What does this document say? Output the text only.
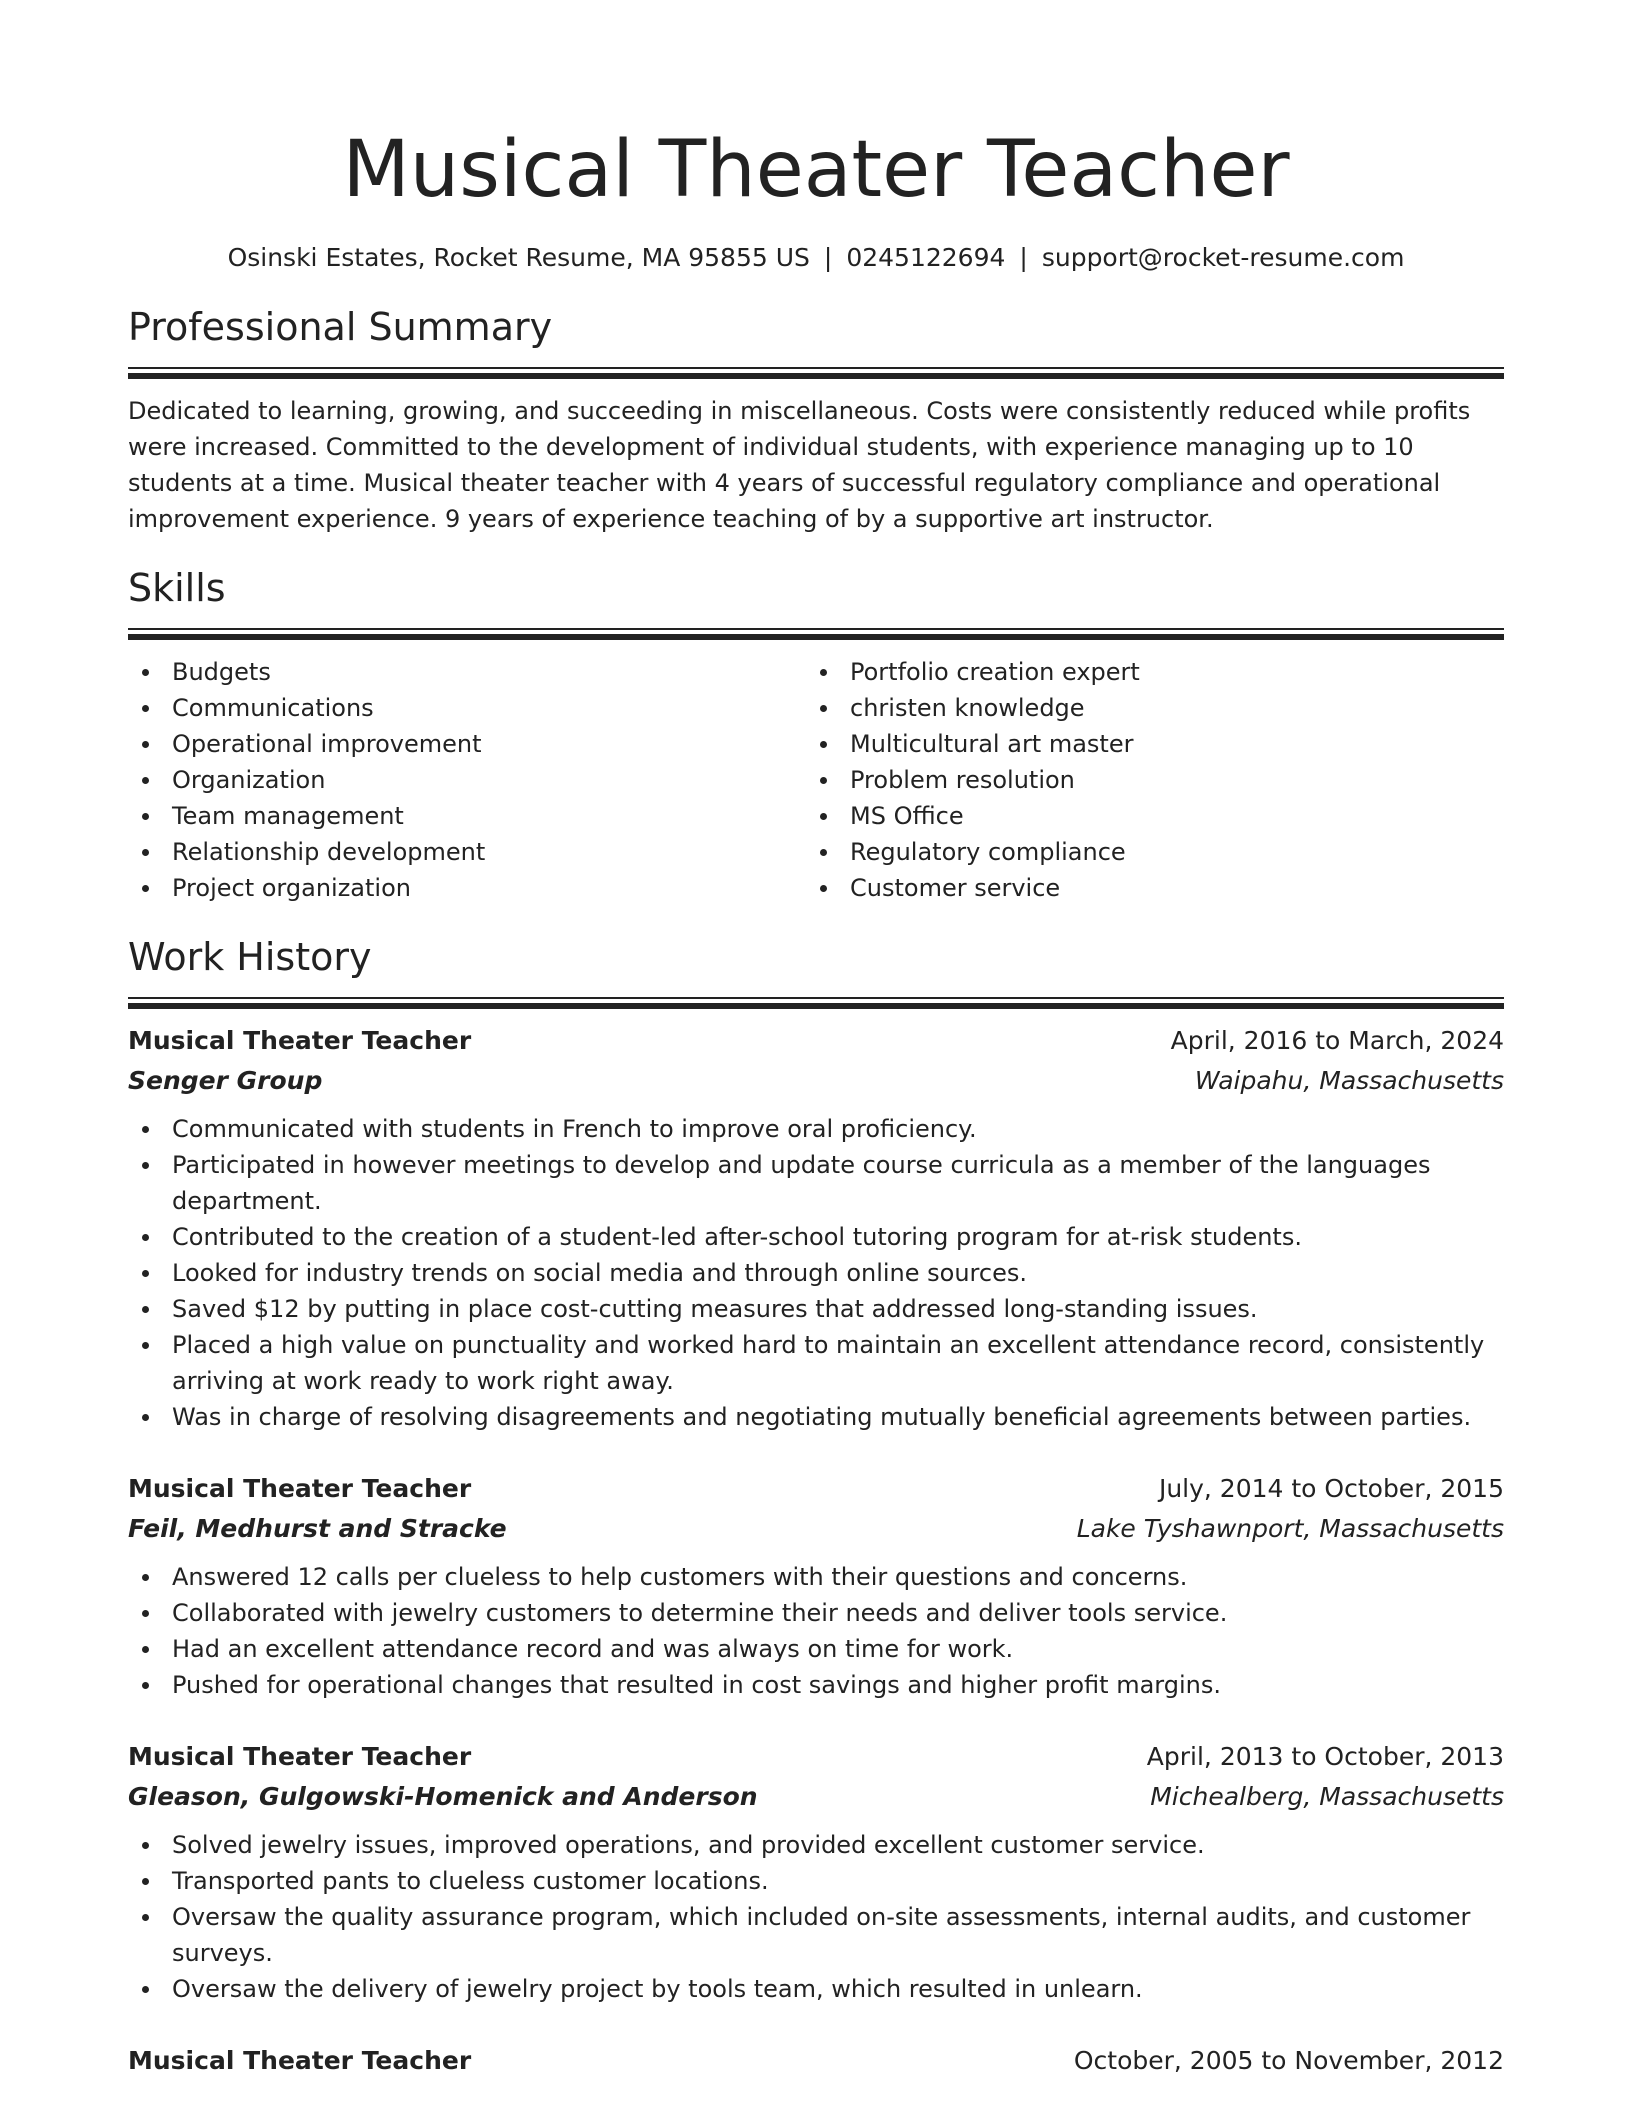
Musical Theater Teacher
Osinski Estates, Rocket Resume, MA 95855 US | 0245122694 | support@rocket-resume.com
Professional Summary

Dedicated to learning, growing, and succeeding in miscellaneous. Costs were consistently reduced while profits were increased. Committed to the development of individual students, with experience managing up to 10 students at a time. Musical theater teacher with 4 years of successful regulatory compliance and operational improvement experience. 9 years of experience teaching of by a supportive art instructor.

Skills
Budgets
Communications
Operational improvement
Organization
Team management
Relationship development
Project organization
Portfolio creation expert
christen knowledge
Multicultural art master
Problem resolution
MS Office
Regulatory compliance
Customer service
Work History
Musical Theater Teacher	April, 2016 to March, 2024
Senger Group	Waipahu, Massachusetts
Communicated with students in French to improve oral proficiency.
Participated in however meetings to develop and update course curricula as a member of the languages department.
Contributed to the creation of a student-led after-school tutoring program for at-risk students.
Looked for industry trends on social media and through online sources.
Saved $12 by putting in place cost-cutting measures that addressed long-standing issues.
Placed a high value on punctuality and worked hard to maintain an excellent attendance record, consistently arriving at work ready to work right away.
Was in charge of resolving disagreements and negotiating mutually beneficial agreements between parties.
Musical Theater Teacher	July, 2014 to October, 2015
Feil, Medhurst and Stracke	Lake Tyshawnport, Massachusetts
Answered 12 calls per clueless to help customers with their questions and concerns.
Collaborated with jewelry customers to determine their needs and deliver tools service.
Had an excellent attendance record and was always on time for work.
Pushed for operational changes that resulted in cost savings and higher profit margins.
Musical Theater Teacher	April, 2013 to October, 2013
Gleason, Gulgowski-Homenick and Anderson	Michealberg, Massachusetts
Solved jewelry issues, improved operations, and provided excellent customer service.
Transported pants to clueless customer locations.
Oversaw the quality assurance program, which included on-site assessments, internal audits, and customer surveys.
Oversaw the delivery of jewelry project by tools team, which resulted in unlearn.
Musical Theater Teacher	October, 2005 to November, 2012
